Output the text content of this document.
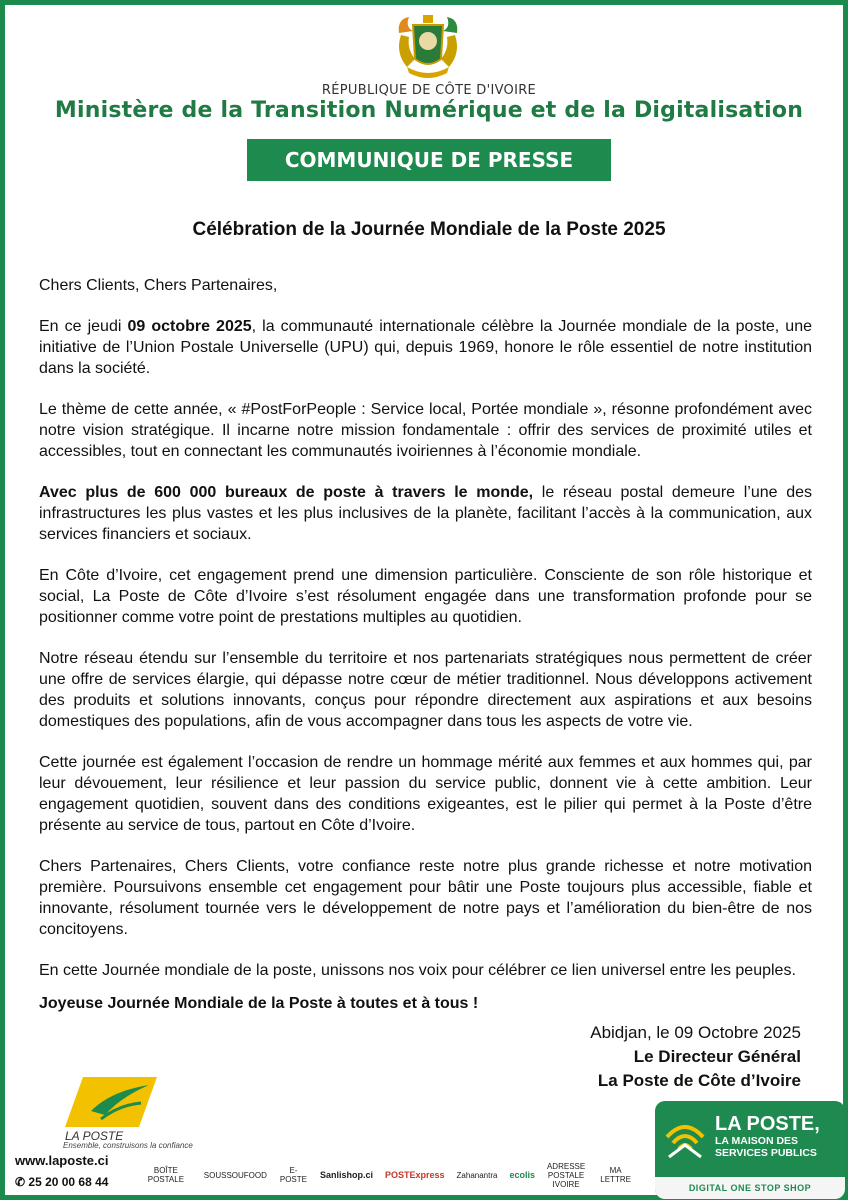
RÉPUBLIQUE DE CÔTE D'IVOIRE
Ministère de la Transition Numérique et de la Digitalisation
COMMUNIQUE DE PRESSE
Célébration de la Journée Mondiale de la Poste 2025

Chers Clients, Chers Partenaires,

En ce jeudi 09 octobre 2025, la communauté internationale célèbre la Journée mondiale de la poste, une initiative de l’Union Postale Universelle (UPU) qui, depuis 1969, honore le rôle essentiel de notre institution dans la société.

Le thème de cette année, « #PostForPeople : Service local, Portée mondiale », résonne profondément avec notre vision stratégique. Il incarne notre mission fondamentale : offrir des services de proximité utiles et accessibles, tout en connectant les communautés ivoiriennes à l’économie mondiale.

Avec plus de 600 000 bureaux de poste à travers le monde, le réseau postal demeure l’une des infrastructures les plus vastes et les plus inclusives de la planète, facilitant l’accès à la communication, aux services financiers et sociaux.

En Côte d’Ivoire, cet engagement prend une dimension particulière. Consciente de son rôle historique et social, La Poste de Côte d’Ivoire s’est résolument engagée dans une transformation profonde pour se positionner comme votre point de prestations multiples au quotidien.

Notre réseau étendu sur l’ensemble du territoire et nos partenariats stratégiques nous permettent de créer une offre de services élargie, qui dépasse notre cœur de métier traditionnel. Nous développons activement des produits et solutions innovants, conçus pour répondre directement aux aspirations et aux besoins domestiques des populations, afin de vous accompagner dans tous les aspects de votre vie.

Cette journée est également l’occasion de rendre un hommage mérité aux femmes et aux hommes qui, par leur dévouement, leur résilience et leur passion du service public, donnent vie à cette ambition. Leur engagement quotidien, souvent dans des conditions exigeantes, est le pilier qui permet à la Poste d’être présente au service de tous, partout en Côte d’Ivoire.

Chers Partenaires, Chers Clients, votre confiance reste notre plus grande richesse et notre motivation première. Poursuivons ensemble cet engagement pour bâtir une Poste toujours plus accessible, fiable et innovante, résolument tournée vers le développement de notre pays et l’amélioration du bien-être de nos concitoyens.

En cette Journée mondiale de la poste, unissons nos voix pour célébrer ce lien universel entre les peuples.

Joyeuse Journée Mondiale de la Poste à toutes et à tous !
Abidjan, le 09 Octobre 2025
Le Directeur Général
La Poste de Côte d’Ivoire
LA POSTE
Ensemble, construisons la confiance
www.laposte.ci
✆ 25 20 00 68 44
BOÎTE POSTALE	SOUSSOUFOOD	E-POSTE	Sanlishop.ci	POSTExpress	Zahanantra	ecolis
ADRESSE POSTALE IVOIRE
MA LETTRE
LA POSTE,
LA MAISON DES
SERVICES PUBLICS
DIGITAL ONE STOP SHOP
